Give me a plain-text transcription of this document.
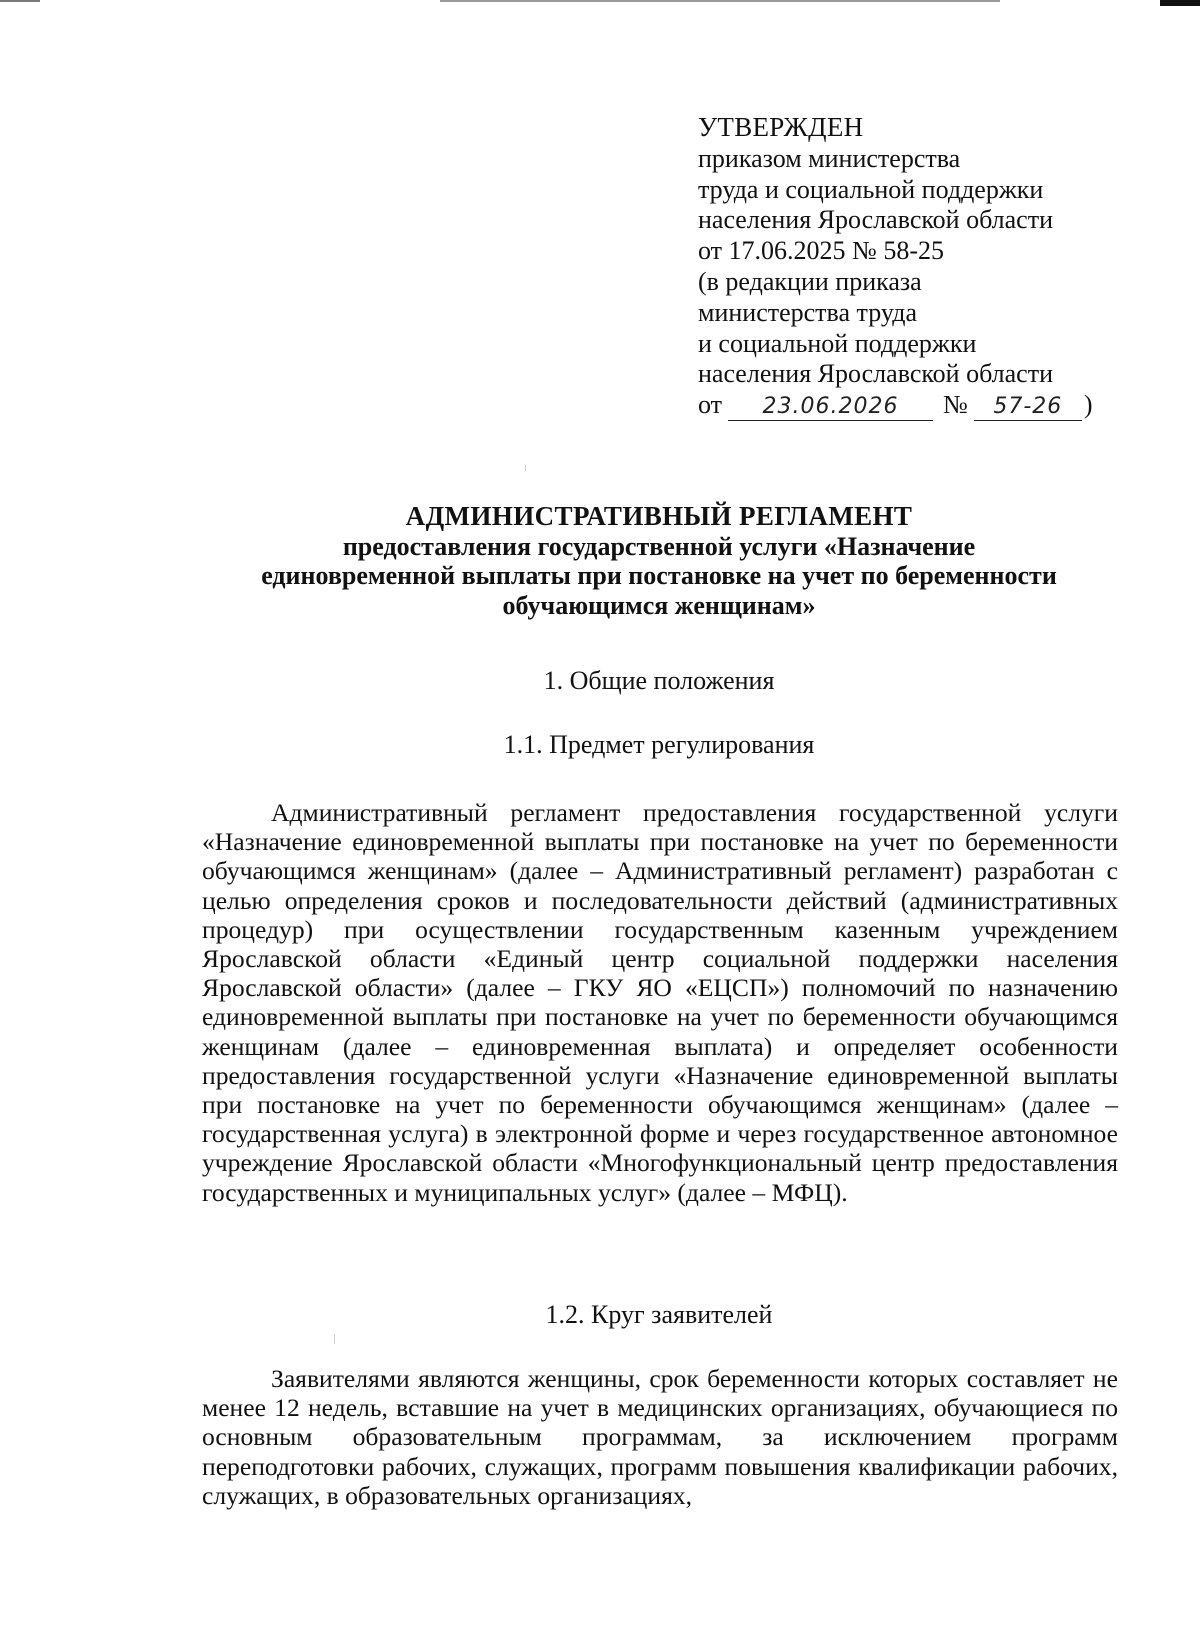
УТВЕРЖДЕН
приказом министерства
труда и социальной поддержки
населения Ярославской области
от 17.06.2025 № 58-25
(в редакции приказа
министерства труда
и социальной поддержки
населения Ярославской области
от	23.06.2026	№	57-26 )
АДМИНИСТРАТИВНЫЙ РЕГЛАМЕНТ
предоставления государственной услуги «Назначение
единовременной выплаты при постановке на учет по беременности
обучающимся женщинам»
1. Общие положения
1.1. Предмет регулирования
Административный регламент предоставления государственной услуги «Назначение единовременной выплаты при постановке на учет по беременности обучающимся женщинам» (далее – Административный регламент) разработан с целью определения сроков и последовательности действий (административных процедур) при осуществлении государственным казенным учреждением Ярославской области «Единый центр социальной поддержки населения Ярославской области» (далее – ГКУ ЯО «ЕЦСП») полномочий по назначению единовременной выплаты при постановке на учет по беременности обучающимся женщинам (далее – единовременная выплата) и определяет особенности предоставления государственной услуги «Назначение единовременной выплаты при постановке на учет по беременности обучающимся женщинам» (далее – государственная услуга) в электронной форме и через государственное автономное учреждение Ярославской области «Многофункциональный центр предоставления государственных и муниципальных услуг» (далее – МФЦ).
1.2. Круг заявителей
Заявителями являются женщины, срок беременности которых составляет не менее 12 недель, вставшие на учет в медицинских организациях, обучающиеся по основным образовательным программам, за исключением программ переподготовки рабочих, служащих, программ повышения квалификации рабочих, служащих, в образовательных организациях,
